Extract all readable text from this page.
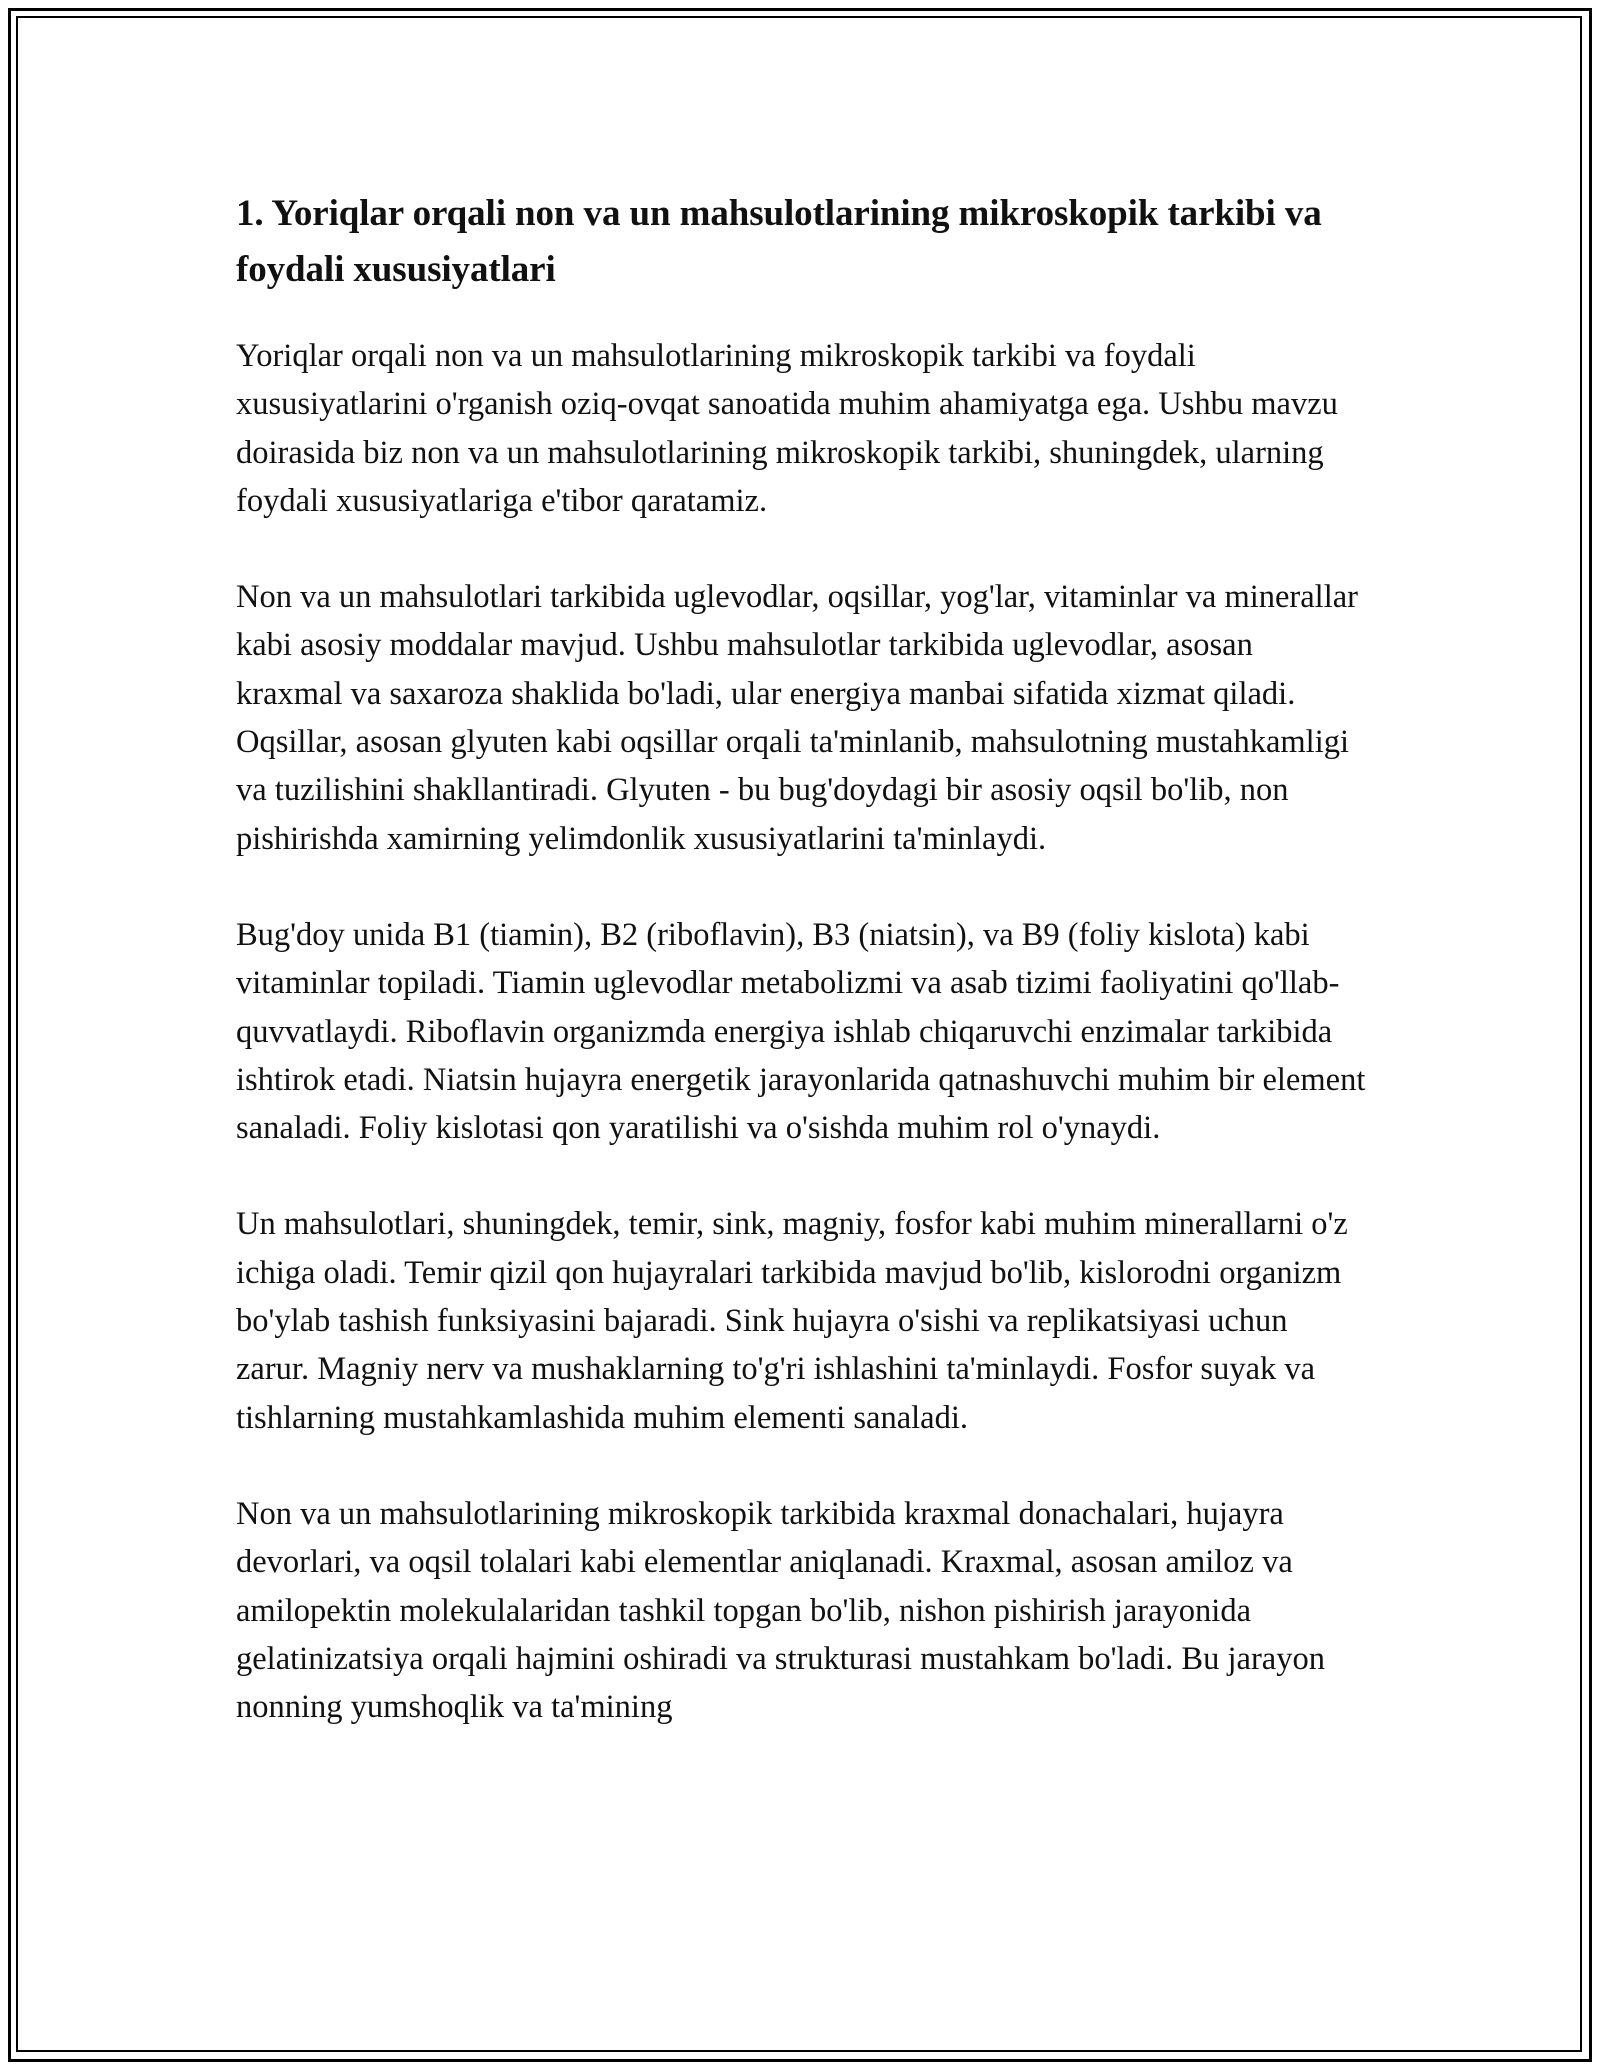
1. Yoriqlar orqali non va un mahsulotlarining mikroskopik tarkibi va foydali xususiyatlari

Yoriqlar orqali non va un mahsulotlarining mikroskopik tarkibi va foydali xususiyatlarini o'rganish oziq-ovqat sanoatida muhim ahamiyatga ega. Ushbu mavzu doirasida biz non va un mahsulotlarining mikroskopik tarkibi, shuningdek, ularning foydali xususiyatlariga e'tibor qaratamiz.

Non va un mahsulotlari tarkibida uglevodlar, oqsillar, yog'lar, vitaminlar va minerallar kabi asosiy moddalar mavjud. Ushbu mahsulotlar tarkibida uglevodlar, asosan kraxmal va saxaroza shaklida bo'ladi, ular energiya manbai sifatida xizmat qiladi. Oqsillar, asosan glyuten kabi oqsillar orqali ta'minlanib, mahsulotning mustahkamligi va tuzilishini shakllantiradi. Glyuten - bu bug'doydagi bir asosiy oqsil bo'lib, non pishirishda xamirning yelimdonlik xususiyatlarini ta'minlaydi.

Bug'doy unida B1 (tiamin), B2 (riboflavin), B3 (niatsin), va B9 (foliy kislota) kabi vitaminlar topiladi. Tiamin uglevodlar metabolizmi va asab tizimi faoliyatini qo'llab-quvvatlaydi. Riboflavin organizmda energiya ishlab chiqaruvchi enzimalar tarkibida ishtirok etadi. Niatsin hujayra energetik jarayonlarida qatnashuvchi muhim bir element sanaladi. Foliy kislotasi qon yaratilishi va o'sishda muhim rol o'ynaydi.

Un mahsulotlari, shuningdek, temir, sink, magniy, fosfor kabi muhim minerallarni o'z ichiga oladi. Temir qizil qon hujayralari tarkibida mavjud bo'lib, kislorodni organizm bo'ylab tashish funksiyasini bajaradi. Sink hujayra o'sishi va replikatsiyasi uchun zarur. Magniy nerv va mushaklarning to'g'ri ishlashini ta'minlaydi. Fosfor suyak va tishlarning mustahkamlashida muhim elementi sanaladi.

Non va un mahsulotlarining mikroskopik tarkibida kraxmal donachalari, hujayra devorlari, va oqsil tolalari kabi elementlar aniqlanadi. Kraxmal, asosan amiloz va amilopektin molekulalaridan tashkil topgan bo'lib, nishon pishirish jarayonida gelatinizatsiya orqali hajmini oshiradi va strukturasi mustahkam bo'ladi. Bu jarayon nonning yumshoqlik va ta'mining
